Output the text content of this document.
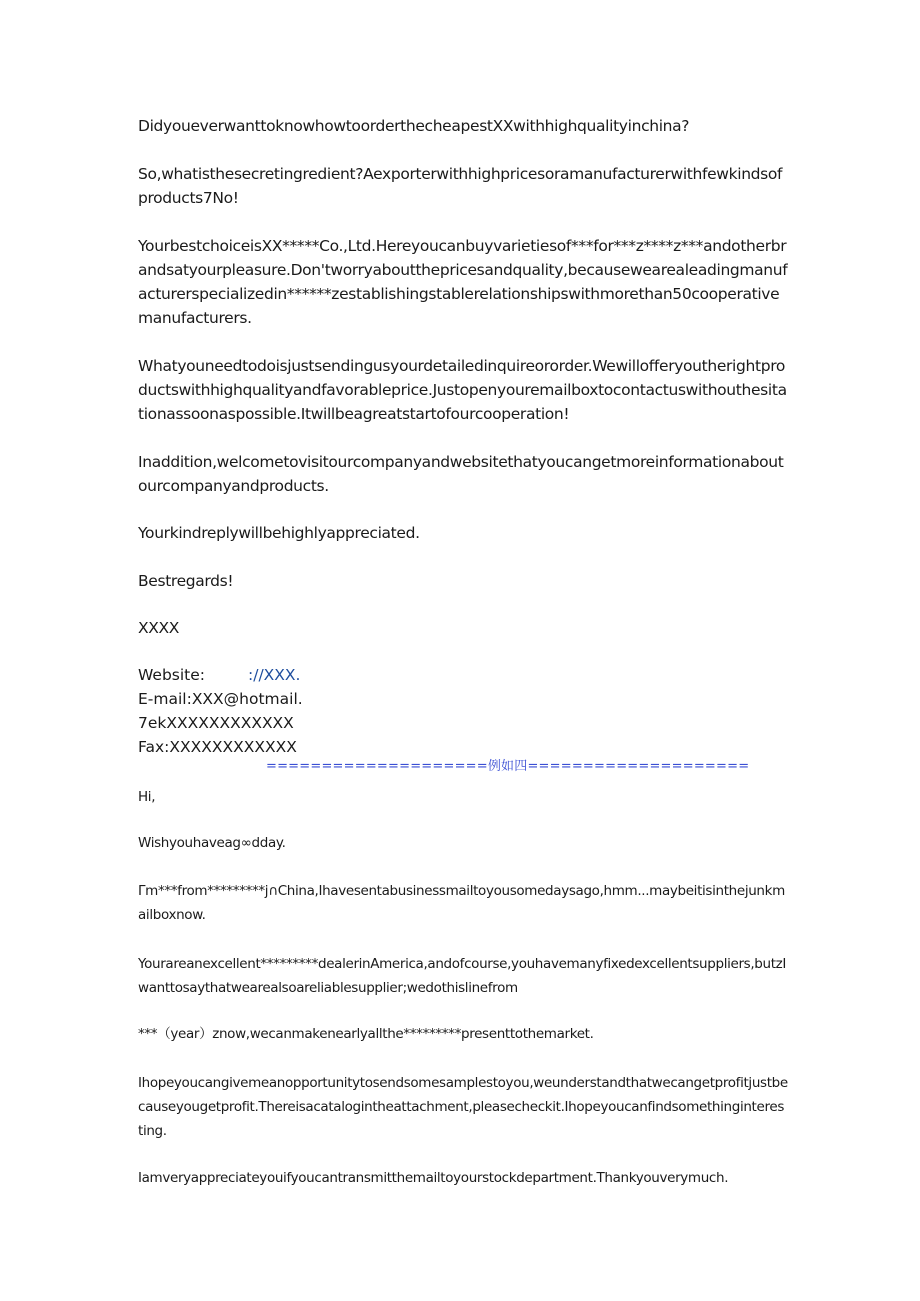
DidyoueverwanttoknowhowtoorderthecheapestXXwithhighqualityinchina?
So,whatisthesecretingredient?Aexporterwithhighpricesoramanufacturerwithfewkindsofproducts7No!
YourbestchoiceisXX*****Co.,Ltd.Hereyoucanbuyvarietiesof***for***z****z***andotherbrandsatyourpleasure.Don'tworryaboutthepricesandquality,becausewearealeadingmanufacturerspecializedin******zestablishingstablerelationshipswithmorethan50cooperativemanufacturers.
Whatyouneedtodoisjustsendingusyourdetailedinquireororder.Wewillofferyoutherightproductswithhighqualityandfavorableprice.Justopenyouremailboxtocontactuswithouthesitationassoonaspossible.Itwillbeagreatstartofourcooperation!
Inaddition,welcometovisitourcompanyandwebsitethatyoucangetmoreinformationaboutourcompanyandproducts.
Yourkindreplywillbehighlyappreciated.
Bestregards!
XXXX
Website:	://XXX.
E-mail:XXX@hotmail.
7ekXXXXXXXXXXXX
Fax:XXXXXXXXXXXX
====================例如四====================
Hi,
Wishyouhaveag∞dday.
Γm***from*********j∩China,Ihavesentabusinessmailtoyousomedaysago,hmm...maybeitisinthejunkmailboxnow.
Yourareanexcellent*********dealerinAmerica,andofcourse,youhavemanyfixedexcellentsuppliers,butzIwanttosaythatwearealsoareliablesupplier;wedothislinefrom
***（year）znow,wecanmakenearlyallthe*********presenttothemarket.
Ihopeyoucangivemeanopportunitytosendsomesamplestoyou,weunderstandthatwecangetprofitjustbecauseyougetprofit.Thereisacatalogintheattachment,pleasecheckit.Ihopeyoucanfindsomethinginteresting.
Iamveryappreciateyouifyoucantransmitthemailtoyourstockdepartment.Thankyouverymuch.
